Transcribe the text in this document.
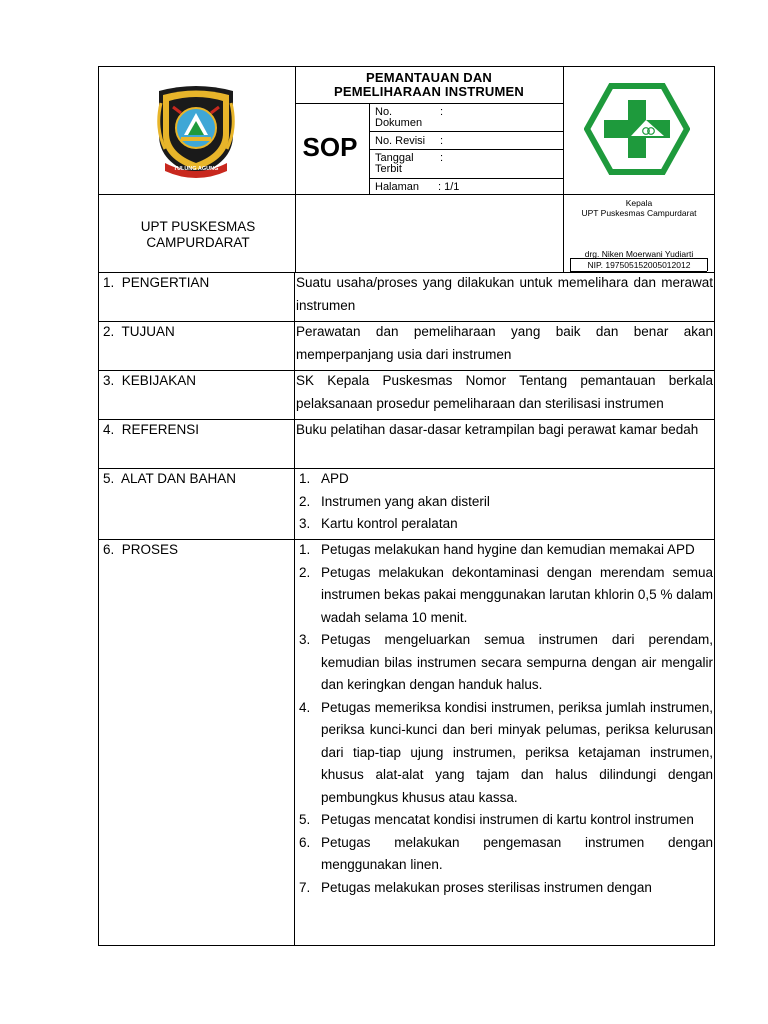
TULUNG AGUNG
PEMANTAUAN DAN
PEMELIHARAAN INSTRUMEN
SOP
No. Dokumen
:
No. Revisi :
Tanggal Terbit
:
Halaman : 1/1
UPT PUSKESMAS
CAMPURDARAT
Kepala
UPT Puskesmas Campurdarat
drg. Niken Moerwani Yudiarti
NIP. 197505152005012012
1.  PENGERTIAN	Suatu usaha/proses yang dilakukan untuk memelihara dan merawat instrumen
2.  TUJUAN	Perawatan dan pemeliharaan yang baik dan benar akan memperpanjang usia dari instrumen
3.  KEBIJAKAN	SK Kepala Puskesmas Nomor Tentang pemantauan berkala pelaksanaan prosedur pemeliharaan dan sterilisasi instrumen
4.  REFERENSI	Buku pelatihan dasar-dasar ketrampilan bagi perawat kamar bedah
5.  ALAT DAN BAHAN	1. APD
2. Instrumen yang akan disteril
3. Kartu kontrol peralatan
6.  PROSES	1. Petugas melakukan hand hygine dan kemudian memakai APD
2. Petugas melakukan dekontaminasi dengan merendam semua instrumen bekas pakai menggunakan larutan khlorin 0,5 % dalam wadah selama 10 menit.
3. Petugas mengeluarkan semua instrumen dari perendam, kemudian bilas instrumen secara sempurna dengan air mengalir dan keringkan dengan handuk halus.
4. Petugas memeriksa kondisi instrumen, periksa jumlah instrumen, periksa kunci-kunci dan beri minyak pelumas, periksa kelurusan dari tiap-tiap ujung instrumen, periksa ketajaman instrumen, khusus alat-alat yang tajam dan halus dilindungi dengan pembungkus khusus atau kassa.
5. Petugas mencatat kondisi instrumen di kartu kontrol instrumen
6. Petugas melakukan pengemasan instrumen dengan menggunakan linen.
7. Petugas melakukan proses sterilisas instrumen dengan
